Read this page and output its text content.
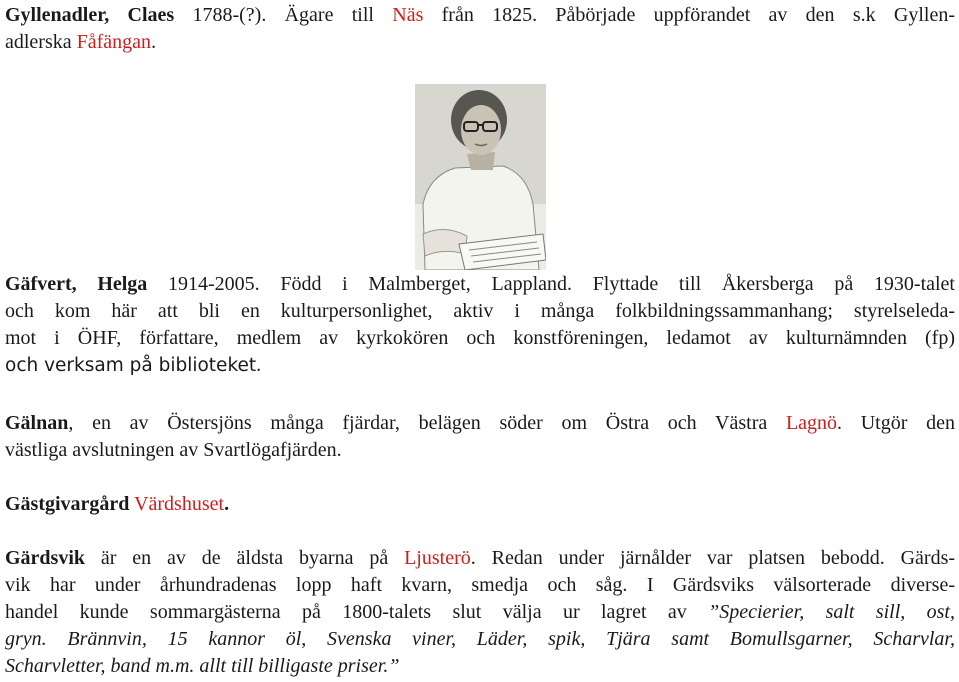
Gyllenadler, Claes 1788-(?). Ägare till Näs från 1825. Påbörjade uppförandet av den s.k Gyllen-
adlerska Fåfängan.
Gäfvert, Helga 1914-2005. Född i Malmberget, Lappland. Flyttade till Åkersberga på 1930-talet
och kom här att bli en kulturpersonlighet, aktiv i många folkbildningssammanhang; styrelseleda-
mot i ÖHF, författare, medlem av kyrkokören och konstföreningen, ledamot av kulturnämnden (fp)
och verksam på biblioteket.
Gälnan, en av Östersjöns många fjärdar, belägen söder om Östra och Västra Lagnö. Utgör den
västliga avslutningen av Svartlögafjärden.
Gästgivargård Värdshuset.
Gärdsvik är en av de äldsta byarna på Ljusterö. Redan under järnålder var platsen bebodd. Gärds-
vik har under århundradenas lopp haft kvarn, smedja och såg. I Gärdsviks välsorterade diverse-
handel kunde sommargästerna på 1800-talets slut välja ur lagret av ”Specierier, salt sill, ost,
gryn. Brännvin, 15 kannor öl, Svenska viner, Läder, spik, Tjära samt Bomullsgarner, Scharvlar,
Scharvletter, band m.m. allt till billigaste priser.”
